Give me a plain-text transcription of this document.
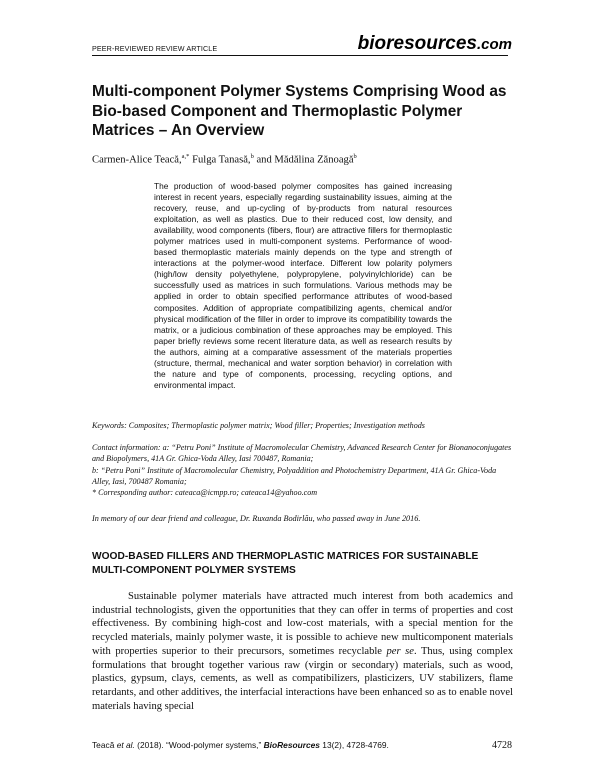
PEER-REVIEWED REVIEW ARTICLE	bioresources.com
Multi-component Polymer Systems Comprising Wood as Bio-based Component and Thermoplastic Polymer Matrices – An Overview
Carmen-Alice Teacă,$^{a,*}$ Fulga Tanasă,$^b$ and Mădălina Zănoagă$^b$
The production of wood-based polymer composites has gained increasing interest in recent years, especially regarding sustainability issues, aiming at the recovery, reuse, and up-cycling of by-products from natural resources exploitation, as well as plastics. Due to their reduced cost, low density, and availability, wood components (fibers, flour) are attractive fillers for thermoplastic polymer matrices used in multi-component systems. Performance of wood-based thermoplastic materials mainly depends on the type and strength of interactions at the polymer-wood interface. Different low polarity polymers (high/low density polyethylene, polypropylene, polyvinylchloride) can be successfully used as matrices in such formulations. Various methods may be applied in order to obtain specified performance attributes of wood-based composites. Addition of appropriate compatibilizing agents, chemical and/or physical modification of the filler in order to improve its compatibility towards the matrix, or a judicious combination of these approaches may be employed. This paper briefly reviews some recent literature data, as well as research results by the authors, aiming at a comparative assessment of the materials properties (structure, thermal, mechanical and water sorption behavior) in correlation with the nature and type of components, processing, recycling options, and environmental impact.
Keywords: Composites; Thermoplastic polymer matrix; Wood filler; Properties; Investigation methods

Contact information: a: “Petru Poni” Institute of Macromolecular Chemistry, Advanced Research Center for Bionanoconjugates and Biopolymers, 41A Gr. Ghica-Voda Alley, Iasi 700487, Romania;

b: “Petru Poni” Institute of Macromolecular Chemistry, Polyaddition and Photochemistry Department, 41A Gr. Ghica-Voda Alley, Iasi, 700487 Romania;

* Corresponding author: cateaca@icmpp.ro; cateaca14@yahoo.com

In memory of our dear friend and colleague, Dr. Ruxanda Bodirlău, who passed away in June 2016.
WOOD-BASED FILLERS AND THERMOPLASTIC MATRICES FOR SUSTAINABLE MULTI-COMPONENT POLYMER SYSTEMS

Sustainable polymer materials have attracted much interest from both academics and industrial technologists, given the opportunities that they can offer in terms of properties and cost effectiveness. By combining high-cost and low-cost materials, with a special mention for the recycled materials, mainly polymer waste, it is possible to achieve new multicomponent materials with properties superior to their precursors, sometimes recyclable per se. Thus, using complex formulations that brought together various raw (virgin or secondary) materials, such as wood, plastics, gypsum, clays, cements, as well as compatibilizers, plasticizers, UV stabilizers, flame retardants, and other additives, the interfacial interactions have been enhanced so as to enable novel materials having special

Teacă et al. (2018). “Wood-polymer systems,” BioResources 13(2), 4728-4769.	4728
